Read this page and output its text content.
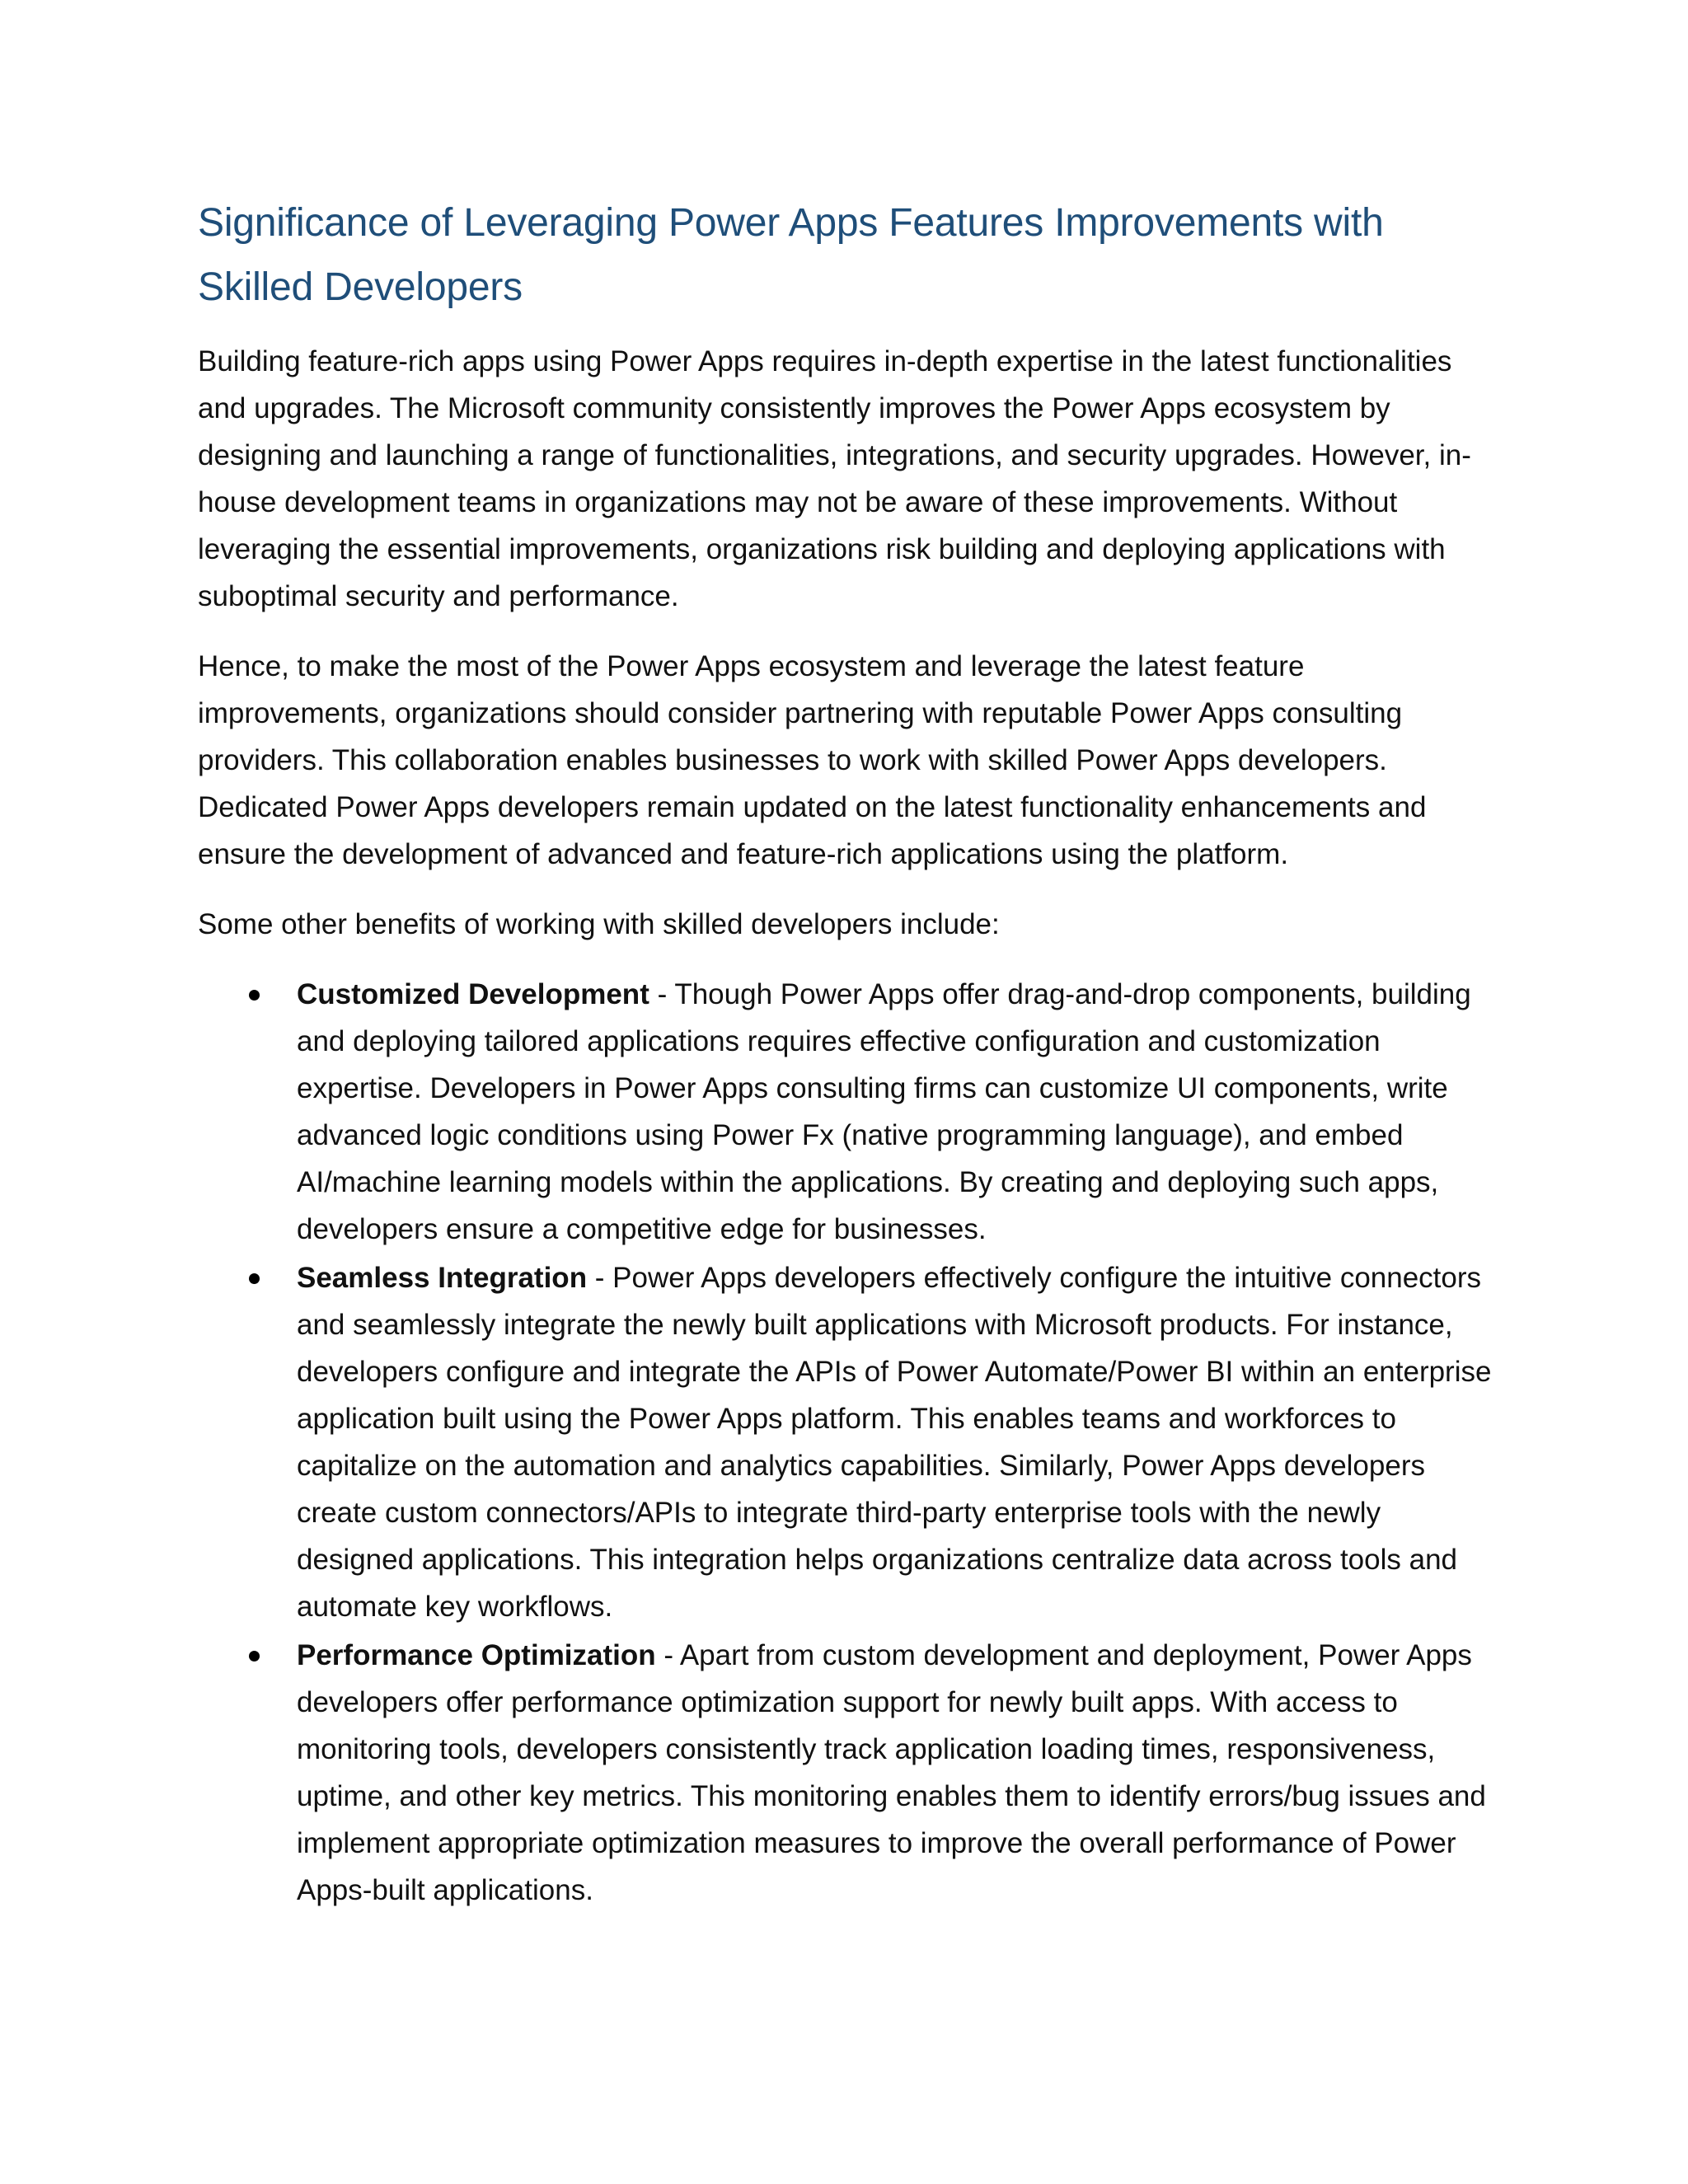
Significance of Leveraging Power Apps Features Improvements with Skilled Developers

Building feature-rich apps using Power Apps requires in-depth expertise in the latest functionalities and upgrades. The Microsoft community consistently improves the Power Apps ecosystem by designing and launching a range of functionalities, integrations, and security upgrades. However, in-house development teams in organizations may not be aware of these improvements. Without leveraging the essential improvements, organizations risk building and deploying applications with suboptimal security and performance.

Hence, to make the most of the Power Apps ecosystem and leverage the latest feature improvements, organizations should consider partnering with reputable Power Apps consulting providers. This collaboration enables businesses to work with skilled Power Apps developers. Dedicated Power Apps developers remain updated on the latest functionality enhancements and ensure the development of advanced and feature-rich applications using the platform.

Some other benefits of working with skilled developers include:

Customized Development - Though Power Apps offer drag-and-drop components, building and deploying tailored applications requires effective configuration and customization expertise. Developers in Power Apps consulting firms can customize UI components, write advanced logic conditions using Power Fx (native programming language), and embed AI/machine learning models within the applications. By creating and deploying such apps, developers ensure a competitive edge for businesses.
Seamless Integration - Power Apps developers effectively configure the intuitive connectors and seamlessly integrate the newly built applications with Microsoft products. For instance, developers configure and integrate the APIs of Power Automate/Power BI within an enterprise application built using the Power Apps platform. This enables teams and workforces to capitalize on the automation and analytics capabilities. Similarly, Power Apps developers create custom connectors/APIs to integrate third-party enterprise tools with the newly designed applications. This integration helps organizations centralize data across tools and automate key workflows.
Performance Optimization - Apart from custom development and deployment, Power Apps developers offer performance optimization support for newly built apps. With access to monitoring tools, developers consistently track application loading times, responsiveness, uptime, and other key metrics. This monitoring enables them to identify errors/bug issues and implement appropriate optimization measures to improve the overall performance of Power Apps-built applications.
